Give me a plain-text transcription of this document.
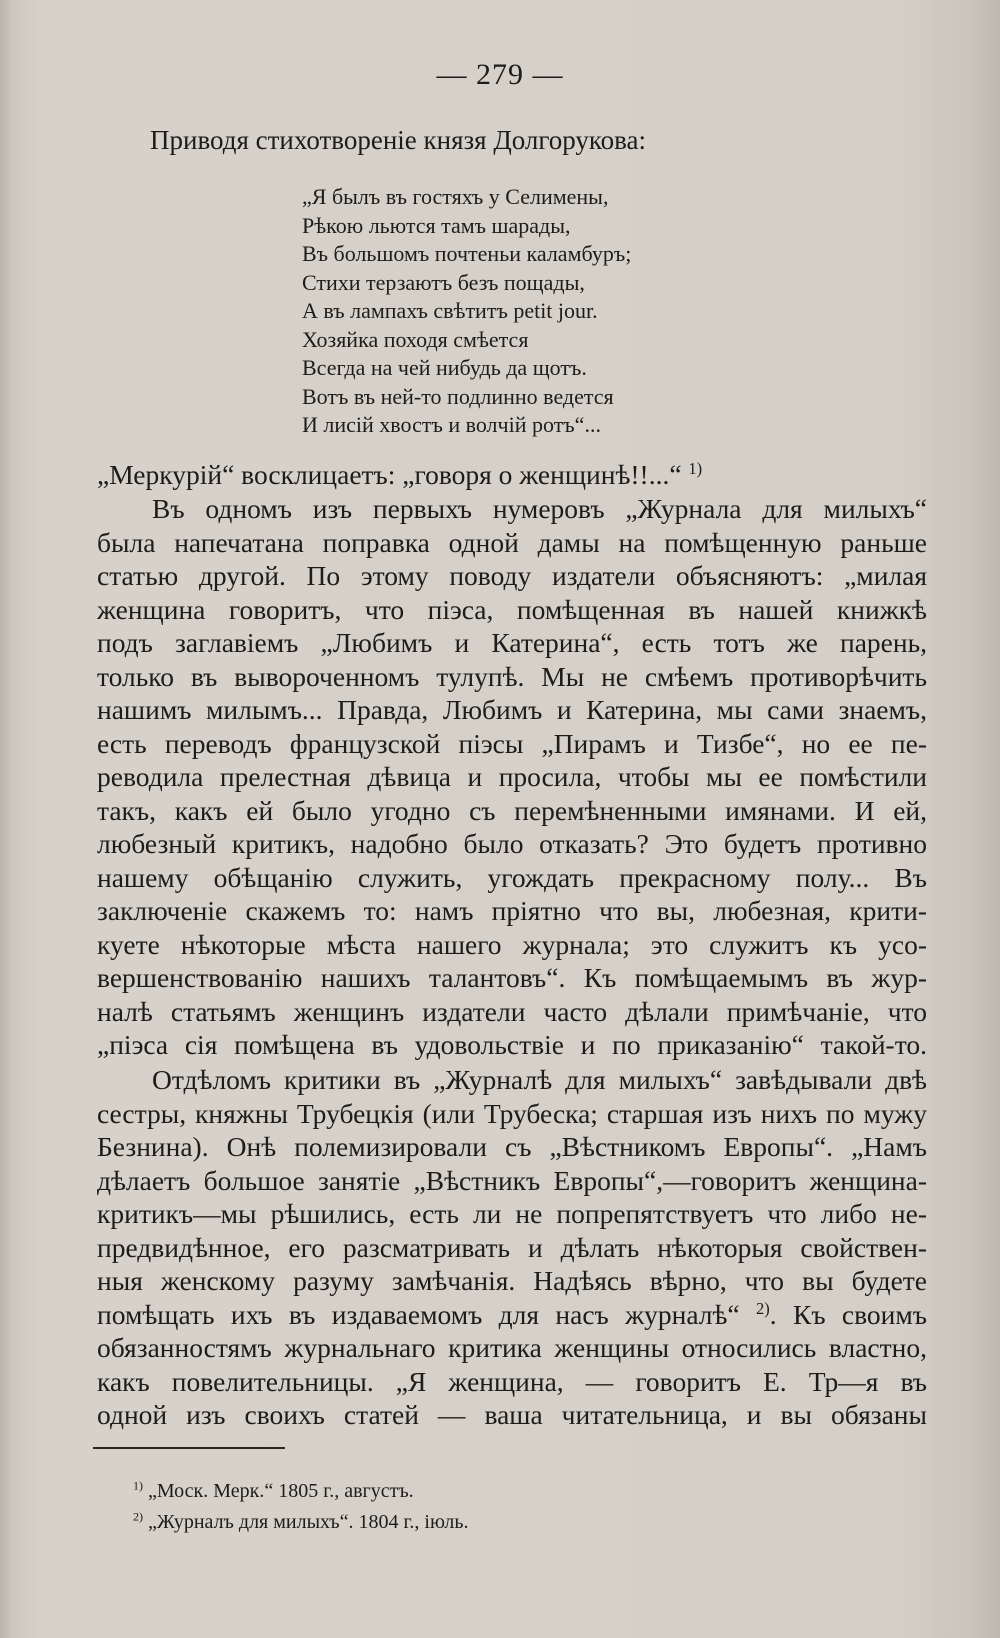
— 279 —
Приводя стихотвореніе князя Долгорукова:
„Я былъ въ гостяхъ у Селимены,
Рѣкою льются тамъ шарады,
Въ большомъ почтеньи каламбуръ;
Стихи терзаютъ безъ пощады,
А въ лампахъ свѣтитъ petit jour.
Хозяйка походя смѣется
Всегда на чей нибудь да щотъ.
Вотъ въ ней-то подлинно ведется
И лисій хвостъ и волчій ротъ“...
„Меркурій“ восклицаетъ: „говоря о женщинѣ!!...“ $^{1)}$
Въ одномъ изъ первыхъ нумеровъ „Журнала для милыхъ“
была напечатана поправка одной дамы на помѣщенную раньше
статью другой. По этому поводу издатели объясняютъ: „милая
женщина говоритъ, что піэса, помѣщенная въ нашей книжкѣ
подъ заглавіемъ „Любимъ и Катерина“, есть тотъ же парень,
только въ вывороченномъ тулупѣ. Мы не смѣемъ противорѣчить
нашимъ милымъ... Правда, Любимъ и Катерина, мы сами знаемъ,
есть переводъ французской піэсы „Пирамъ и Тизбе“, но ее пе-
реводила прелестная дѣвица и просила, чтобы мы ее помѣстили
такъ, какъ ей было угодно съ перемѣненными имянами. И ей,
любезный критикъ, надобно было отказать? Это будетъ противно
нашему обѣщанію служить, угождать прекрасному полу... Въ
заключеніе скажемъ то: намъ пріятно что вы, любезная, крити-
куете нѣкоторые мѣста нашего журнала; это служитъ къ усо-
вершенствованію нашихъ талантовъ“. Къ помѣщаемымъ въ жур-
налѣ статьямъ женщинъ издатели часто дѣлали примѣчаніе, что
„піэса сія помѣщена въ удовольствіе и по приказанію“ такой-то.
Отдѣломъ критики въ „Журналѣ для милыхъ“ завѣдывали двѣ
сестры, княжны Трубецкія (или Трубеска; старшая изъ нихъ по мужу
Безнина). Онѣ полемизировали съ „Вѣстникомъ Европы“. „Намъ
дѣлаетъ большое занятіе „Вѣстникъ Европы“,—говоритъ женщина-
критикъ—мы рѣшились, есть ли не попрепятствуетъ что либо не-
предвидѣнное, его разсматривать и дѣлать нѣкоторыя свойствен-
ныя женскому разуму замѣчанія. Надѣясь вѣрно, что вы будете
помѣщать ихъ въ издаваемомъ для насъ журналѣ“ $^{2)}$. Къ своимъ
обязанностямъ журнальнаго критика женщины относились властно,
какъ повелительницы. „Я женщина, — говоритъ Е. Тр—я въ
одной изъ своихъ статей — ваша читательница, и вы обязаны
$^{1)}$ „Моск. Мерк.“ 1805 г., августъ.
$^{2)}$ „Журналъ для милыхъ“. 1804 г., іюль.
